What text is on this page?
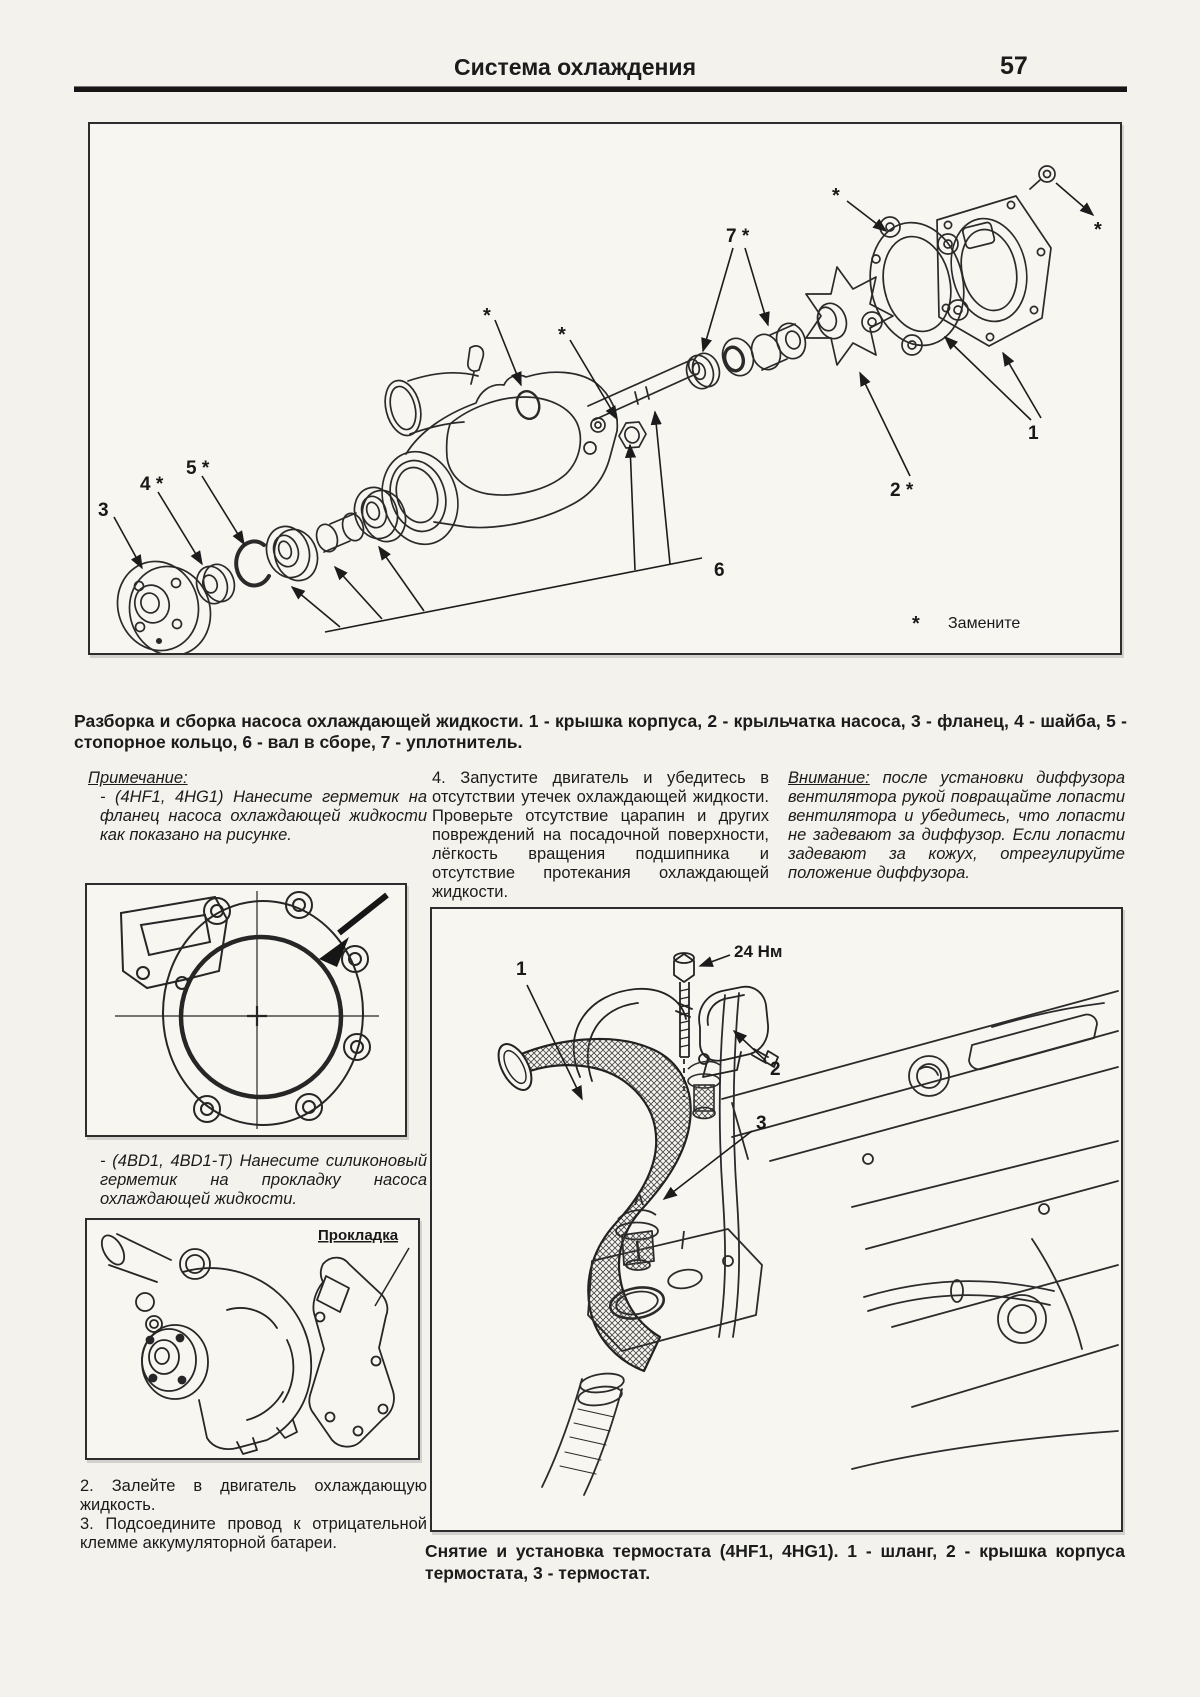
Система охлаждения	57
1
2 *
3
4 *
5 *
6
7 *
*
*
*
*
* Замените

Разборка и сборка насоса охлаждающей жидкости. 1 - крышка корпуса, 2 - крыльчатка насоса, 3 - фланец, 4 - шайба, 5 - стопорное кольцо, 6 - вал в сборе, 7 - уплотнитель.

Примечание:

- (4HF1, 4HG1) Нанесите герметик на фланец насоса охлаждающей жидкости как показано на рисунке.

4. Запустите двигатель и убедитесь в отсутствии утечек охлаждающей жидкости. Проверьте отсутствие царапин и других повреждений на посадочной поверхности, лёгкость вращения подшипника и отсутствие протекания охлаждающей жидкости.

Внимание: после установки диффузора вентилятора рукой повращайте лопасти вентилятора и убедитесь, что лопасти не задевают за диффузор. Если лопасти задевают за кожух, отрегулируйте положение диффузора.

- (4BD1, 4BD1-T) Нанесите силиконовый герметик на прокладку насоса охлаждающей жидкости.

Прокладка

2. Залейте в двигатель охлаждающую жидкость.

3. Подсоедините провод к отрицательной клемме аккумуляторной батареи.

24 Нм
1
2
3

Снятие и установка термостата (4HF1, 4HG1). 1 - шланг, 2 - крышка корпуса термостата, 3 - термостат.
